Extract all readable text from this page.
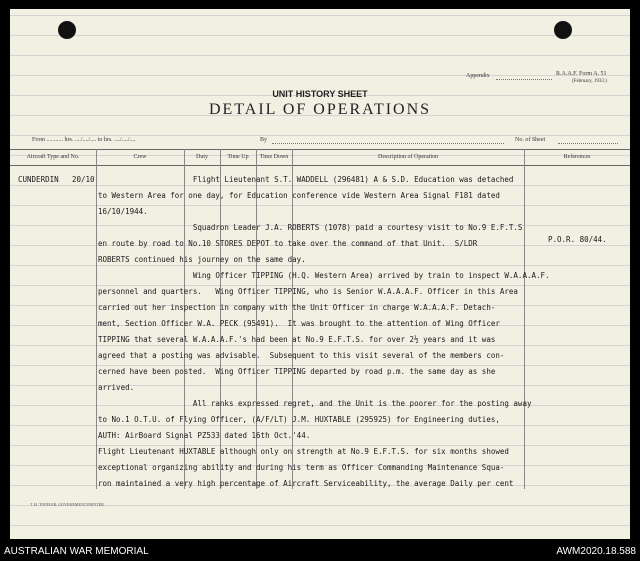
Appendix	R.A.A.F. Form A. 51
(February, 1933.)
UNIT HISTORY SHEET
DETAIL OF OPERATIONS
From ........... hrs. ..../..../.... to hrs. ..../..../....	By	No. of Sheet
Aircraft Type and No.	Crew	Duty	Time Up	Time Down	Description of Operation	References
CUNDERDIN 20/10
P.O.R. 80/44.
Flight Lieutenant S.T. WADDELL (296481) A & S.D. Education was detached
to Western Area for one day, for Education conference vide Western Area Signal F181 dated
16/10/1944.
Squadron Leader J.A. ROBERTS (1078) paid a courtesy visit to No.9 E.F.T.S
en route by road to No.10 STORES DEPOT to take over the command of that Unit.  S/LDR
ROBERTS continued his journey on the same day.
Wing Officer TIPPING (H.Q. Western Area) arrived by train to inspect W.A.A.A.F.
personnel and quarters.   Wing Officer TIPPING, who is Senior W.A.A.A.F. Officer in this Area
carried out her inspection in company with the Unit Officer in charge W.A.A.A.F. Detach-
ment, Section Officer W.A. PECK (95491).  It was brought to the attention of Wing Officer
TIPPING that several W.A.A.A.F.'s had been at No.9 E.F.T.S. for over 2½ years and it was
agreed that a posting was advisable.  Subsequent to this visit several of the members con-
cerned have been posted.  Wing Officer TIPPING departed by road p.m. the same day as she
arrived.
All ranks expressed regret, and the Unit is the poorer for the posting away
to No.1 O.T.U. of Flying Officer, (A/F/LT) J.M. HUXTABLE (295925) for Engineering duties,
AUTH: AirBoard Signal PZ533 dated 16th Oct.'44.
Flight Lieutenant HUXTABLE although only on strength at No.9 E.F.T.S. for six months showed
exceptional organizing ability and during his term as Officer Commanding Maintenance Squa-
ron maintained a very high percentage of Aircraft Serviceability, the average Daily per cent
T. H. TOPPLER, GOVERNMENT PRINTER.
AUSTRALIAN WAR MEMORIAL	AWM2020.18.588
